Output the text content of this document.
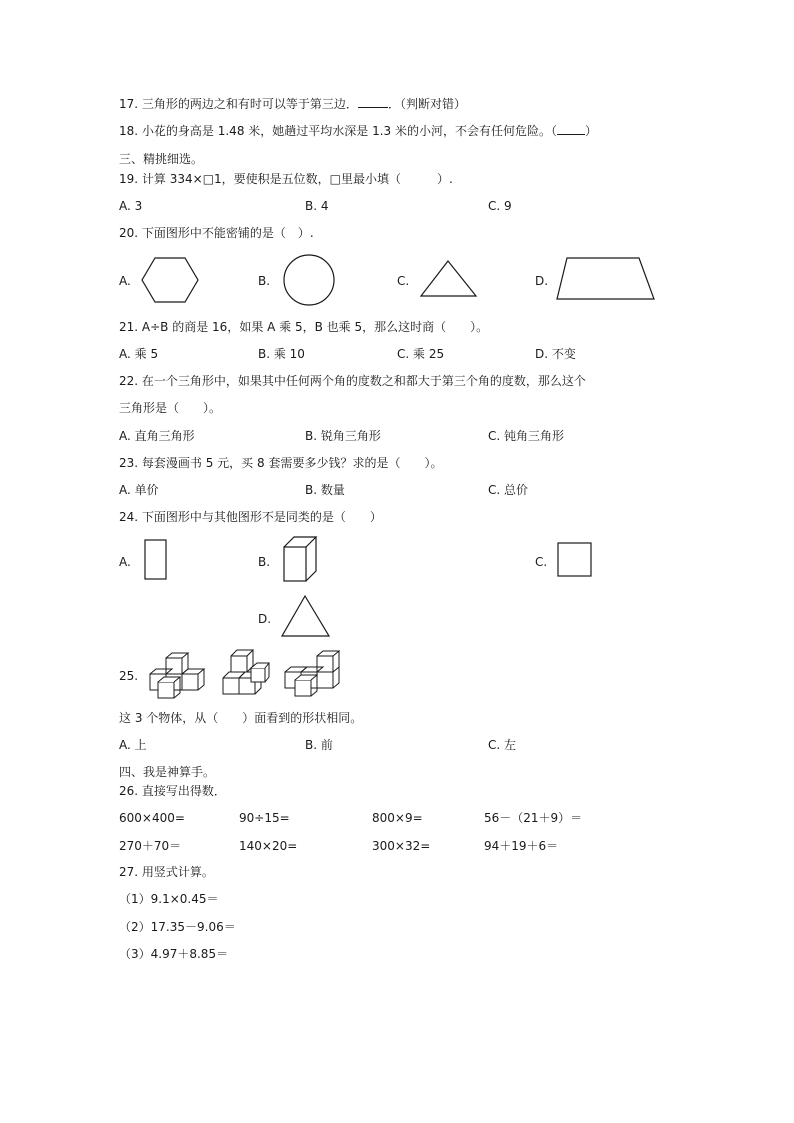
17. 三角形的两边之和有时可以等于第三边．	．（判断对错）
18. 小花的身高是 1.48 米，她趟过平均水深是 1.3 米的小河，不会有任何危险。（ ）
三、精挑细选。
19. 计算 334×□1，要使积是五位数，□里最小填（　　　）.
A. 3	B. 4	C. 9
20. 下面图形中不能密铺的是（　）.
A.	B.	C.	D.
21. A÷B 的商是 16，如果 A 乘 5，B 也乘 5，那么这时商（　　）。
A. 乘 5	B. 乘 10	C. 乘 25	D. 不变
22. 在一个三角形中，如果其中任何两个角的度数之和都大于第三个角的度数，那么这个
三角形是（　　）。
A. 直角三角形	B. 锐角三角形	C. 钝角三角形
23. 每套漫画书 5 元，买 8 套需要多少钱？求的是（　　）。
A. 单价	B. 数量	C. 总价
24. 下面图形中与其他图形不是同类的是（　　）
A.	B.	C.
D.
25.
这 3 个物体，从（　　）面看到的形状相同。
A. 上	B. 前	C. 左
四、我是神算手。
26. 直接写出得数．
600×400=	90÷15=	800×9=	56－（21＋9）＝
270＋70＝	140×20=	300×32=	94＋19＋6＝
27. 用竖式计算。
（1）9.1×0.45＝
（2）17.35－9.06＝
（3）4.97＋8.85＝
